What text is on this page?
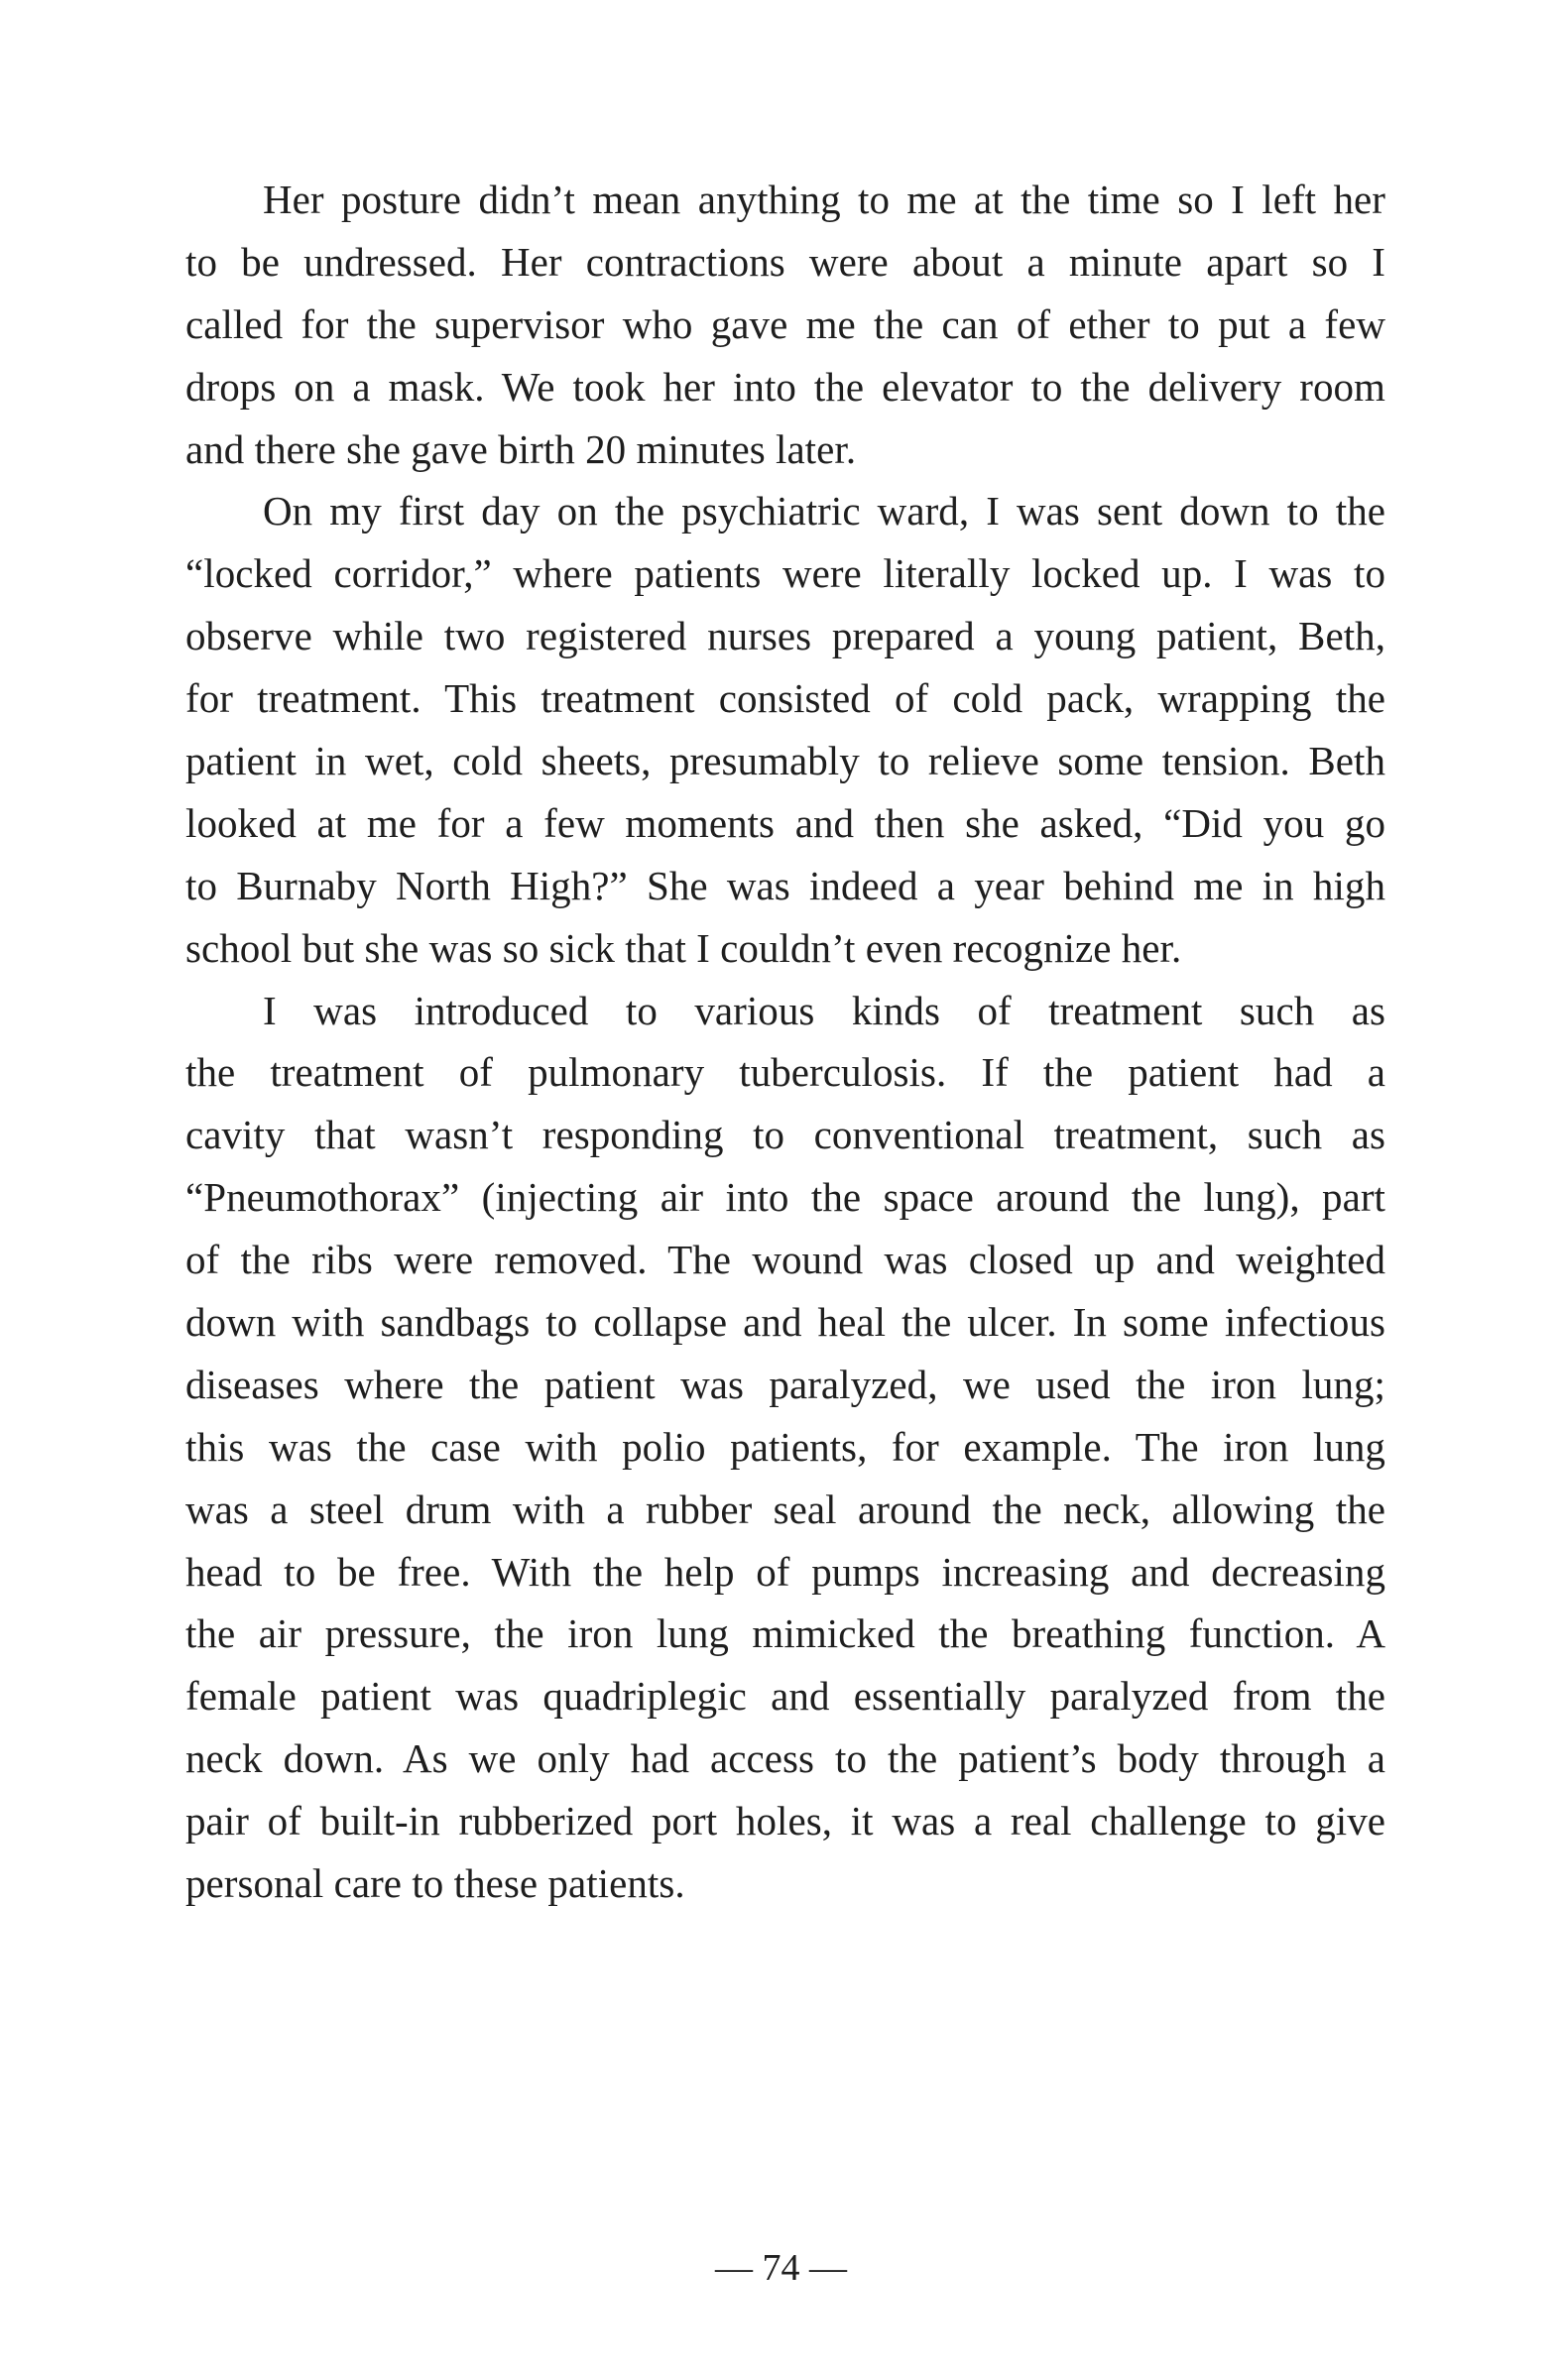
Her posture didn’t mean anything to me at the time so I left her
to be undressed. Her contractions were about a minute apart so I
called for the supervisor who gave me the can of ether to put a few
drops on a mask. We took her into the elevator to the delivery room
and there she gave birth 20 minutes later.
On my first day on the psychiatric ward, I was sent down to the
“locked corridor,” where patients were literally locked up. I was to
observe while two registered nurses prepared a young patient, Beth,
for treatment. This treatment consisted of cold pack, wrapping the
patient in wet, cold sheets, presumably to relieve some tension. Beth
looked at me for a few moments and then she asked, “Did you go
to Burnaby North High?” She was indeed a year behind me in high
school but she was so sick that I couldn’t even recognize her.
I was introduced to various kinds of treatment such as
the treatment of pulmonary tuberculosis. If the patient had a
cavity that wasn’t responding to conventional treatment, such as
“Pneumothorax” (injecting air into the space around the lung), part
of the ribs were removed. The wound was closed up and weighted
down with sandbags to collapse and heal the ulcer. In some infectious
diseases where the patient was paralyzed, we used the iron lung;
this was the case with polio patients, for example. The iron lung
was a steel drum with a rubber seal around the neck, allowing the
head to be free. With the help of pumps increasing and decreasing
the air pressure, the iron lung mimicked the breathing function. A
female patient was quadriplegic and essentially paralyzed from the
neck down. As we only had access to the patient’s body through a
pair of built-in rubberized port holes, it was a real challenge to give
personal care to these patients.
— 74 —
